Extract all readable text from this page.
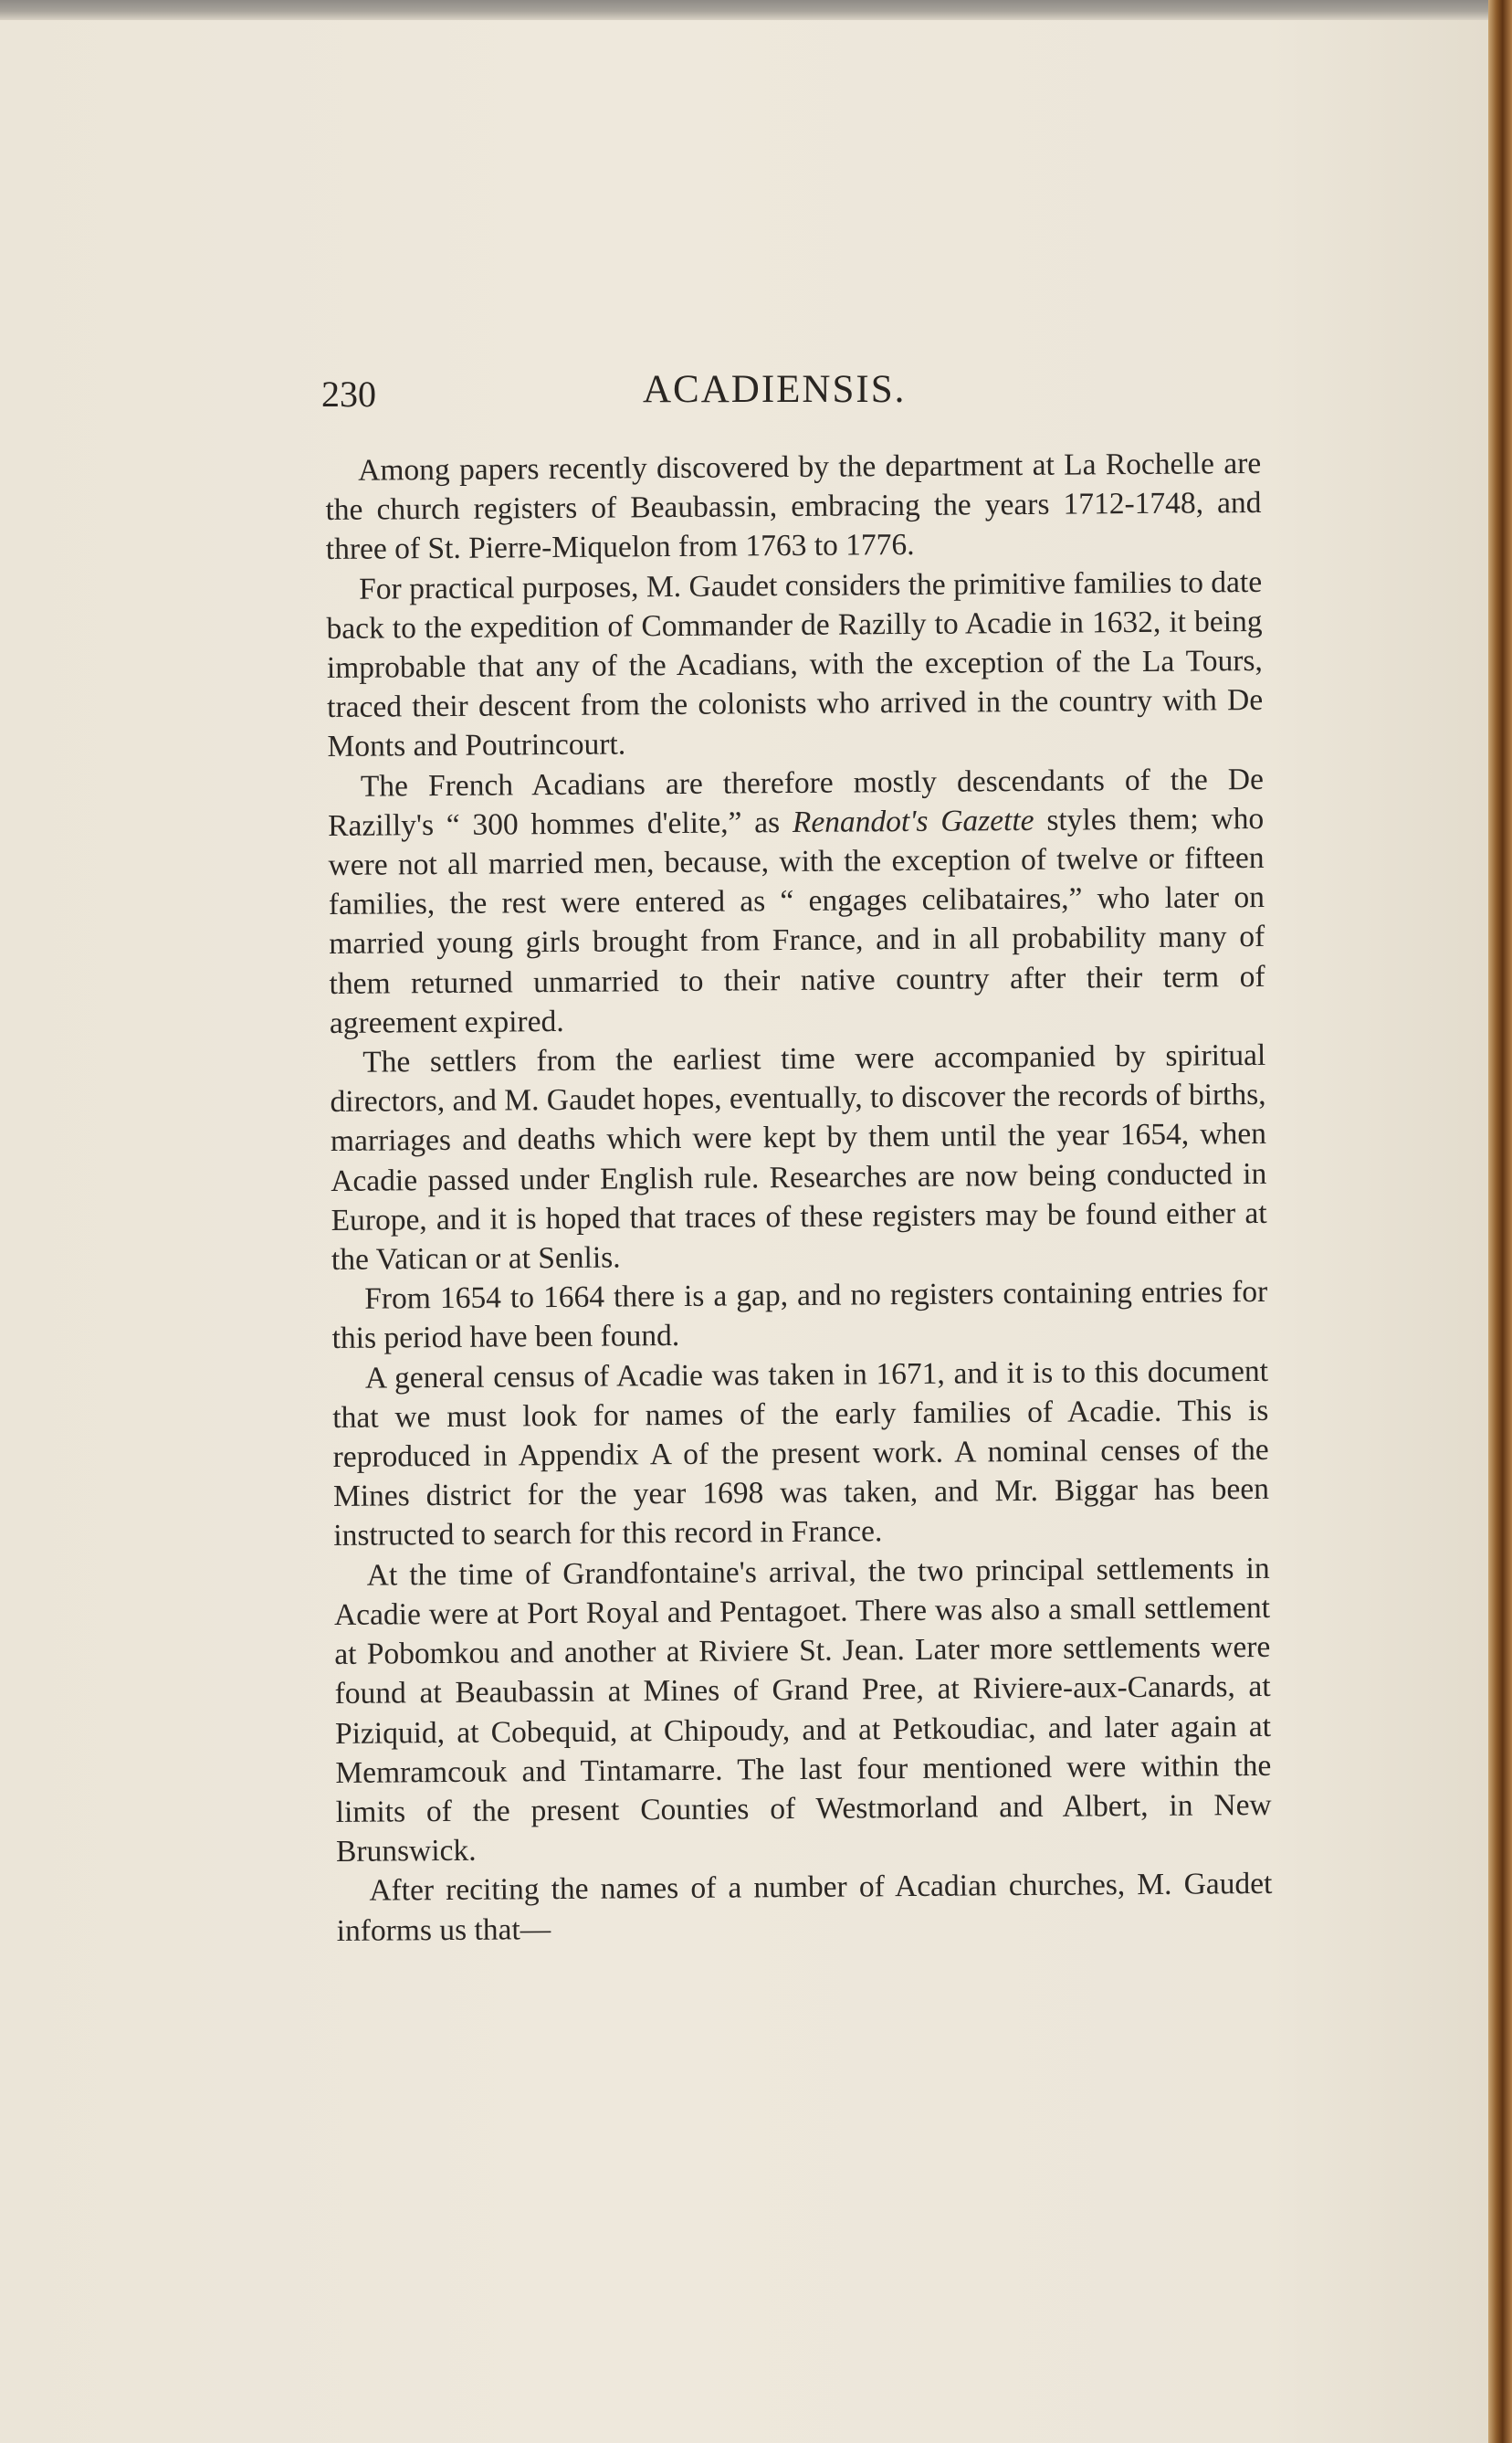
230	ACADIENSIS.

Among papers recently discovered by the department at La Rochelle are the church registers of Beaubassin, embracing the years 1712-1748, and three of St. Pierre-Miquelon from 1763 to 1776.

For practical purposes, M. Gaudet considers the primitive families to date back to the expedition of Commander de Razilly to Acadie in 1632, it being improbable that any of the Acadians, with the exception of the La Tours, traced their descent from the colonists who arrived in the country with De Monts and Poutrincourt.

The French Acadians are therefore mostly descendants of the De Razilly's “ 300 hommes d'elite,” as Renandot's Gazette styles them; who were not all married men, because, with the exception of twelve or fifteen families, the rest were entered as “ engages celibataires,” who later on married young girls brought from France, and in all probability many of them returned unmarried to their native country after their term of agreement expired.

The settlers from the earliest time were accompanied by spiritual directors, and M. Gaudet hopes, eventually, to discover the records of births, marriages and deaths which were kept by them until the year 1654, when Acadie passed under English rule. Researches are now being conducted in Europe, and it is hoped that traces of these registers may be found either at the Vatican or at Senlis.

From 1654 to 1664 there is a gap, and no registers containing entries for this period have been found.

A general census of Acadie was taken in 1671, and it is to this document that we must look for names of the early families of Acadie. This is reproduced in Appendix A of the present work. A nominal censes of the Mines district for the year 1698 was taken, and Mr. Biggar has been instructed to search for this record in France.

At the time of Grandfontaine's arrival, the two principal settlements in Acadie were at Port Royal and Pentagoet. There was also a small settlement at Pobomkou and another at Riviere St. Jean. Later more settlements were found at Beaubassin at Mines of Grand Pree, at Riviere-aux-Canards, at Piziquid, at Cobequid, at Chipoudy, and at Petkoudiac, and later again at Memramcouk and Tintamarre. The last four mentioned were within the limits of the present Counties of Westmorland and Albert, in New Brunswick.

After reciting the names of a number of Acadian churches, M. Gaudet informs us that—
